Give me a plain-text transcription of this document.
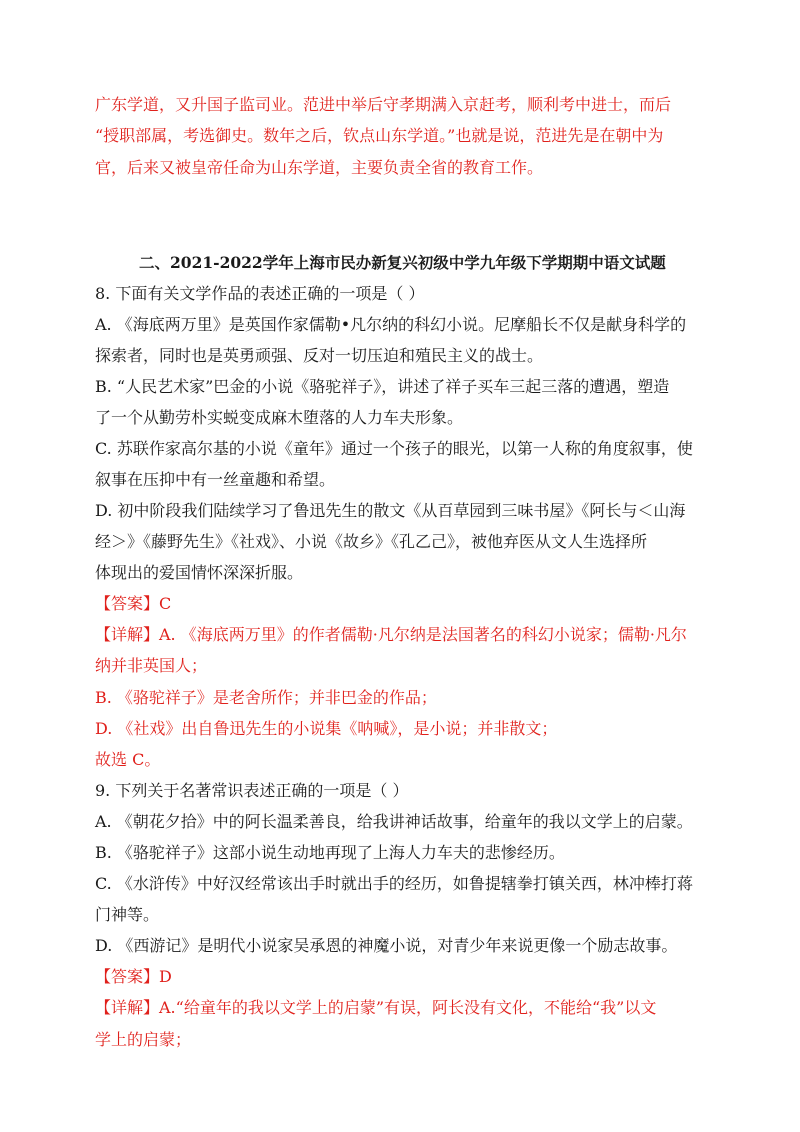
广东学道，又升国子监司业。范进中举后守孝期满入京赶考，顺利考中进士，而后
“授职部属，考选御史。数年之后，钦点山东学道。”也就是说，范进先是在朝中为
官，后来又被皇帝任命为山东学道，主要负责全省的教育工作。
二、2021-2022学年上海市民办新复兴初级中学九年级下学期期中语文试题
8. 下面有关文学作品的表述正确的一项是（ ）
A. 《海底两万里》是英国作家儒勒•凡尔纳的科幻小说。尼摩船长不仅是献身科学的
探索者，同时也是英勇顽强、反对一切压迫和殖民主义的战士。
B. “人民艺术家”巴金的小说《骆驼祥子》，讲述了祥子买车三起三落的遭遇，塑造
了一个从勤劳朴实蜕变成麻木堕落的人力车夫形象。
C. 苏联作家高尔基的小说《童年》通过一个孩子的眼光，以第一人称的角度叙事，使
叙事在压抑中有一丝童趣和希望。
D. 初中阶段我们陆续学习了鲁迅先生的散文《从百草园到三味书屋》《阿长与＜山海
经＞》《藤野先生》《社戏》、小说《故乡》《孔乙己》，被他弃医从文人生选择所
体现出的爱国情怀深深折服。
【答案】C
【详解】A. 《海底两万里》的作者儒勒·凡尔纳是法国著名的科幻小说家；儒勒·凡尔
纳并非英国人；
B. 《骆驼祥子》是老舍所作；并非巴金的作品；
D. 《社戏》出自鲁迅先生的小说集《呐喊》，是小说；并非散文；
故选 C。
9. 下列关于名著常识表述正确的一项是（ ）
A. 《朝花夕拾》中的阿长温柔善良，给我讲神话故事，给童年的我以文学上的启蒙。
B. 《骆驼祥子》这部小说生动地再现了上海人力车夫的悲惨经历。
C. 《水浒传》中好汉经常该出手时就出手的经历，如鲁提辖拳打镇关西，林冲棒打蒋
门神等。
D. 《西游记》是明代小说家吴承恩的神魔小说，对青少年来说更像一个励志故事。
【答案】D
【详解】A.“给童年的我以文学上的启蒙”有误，阿长没有文化，不能给“我”以文
学上的启蒙；
